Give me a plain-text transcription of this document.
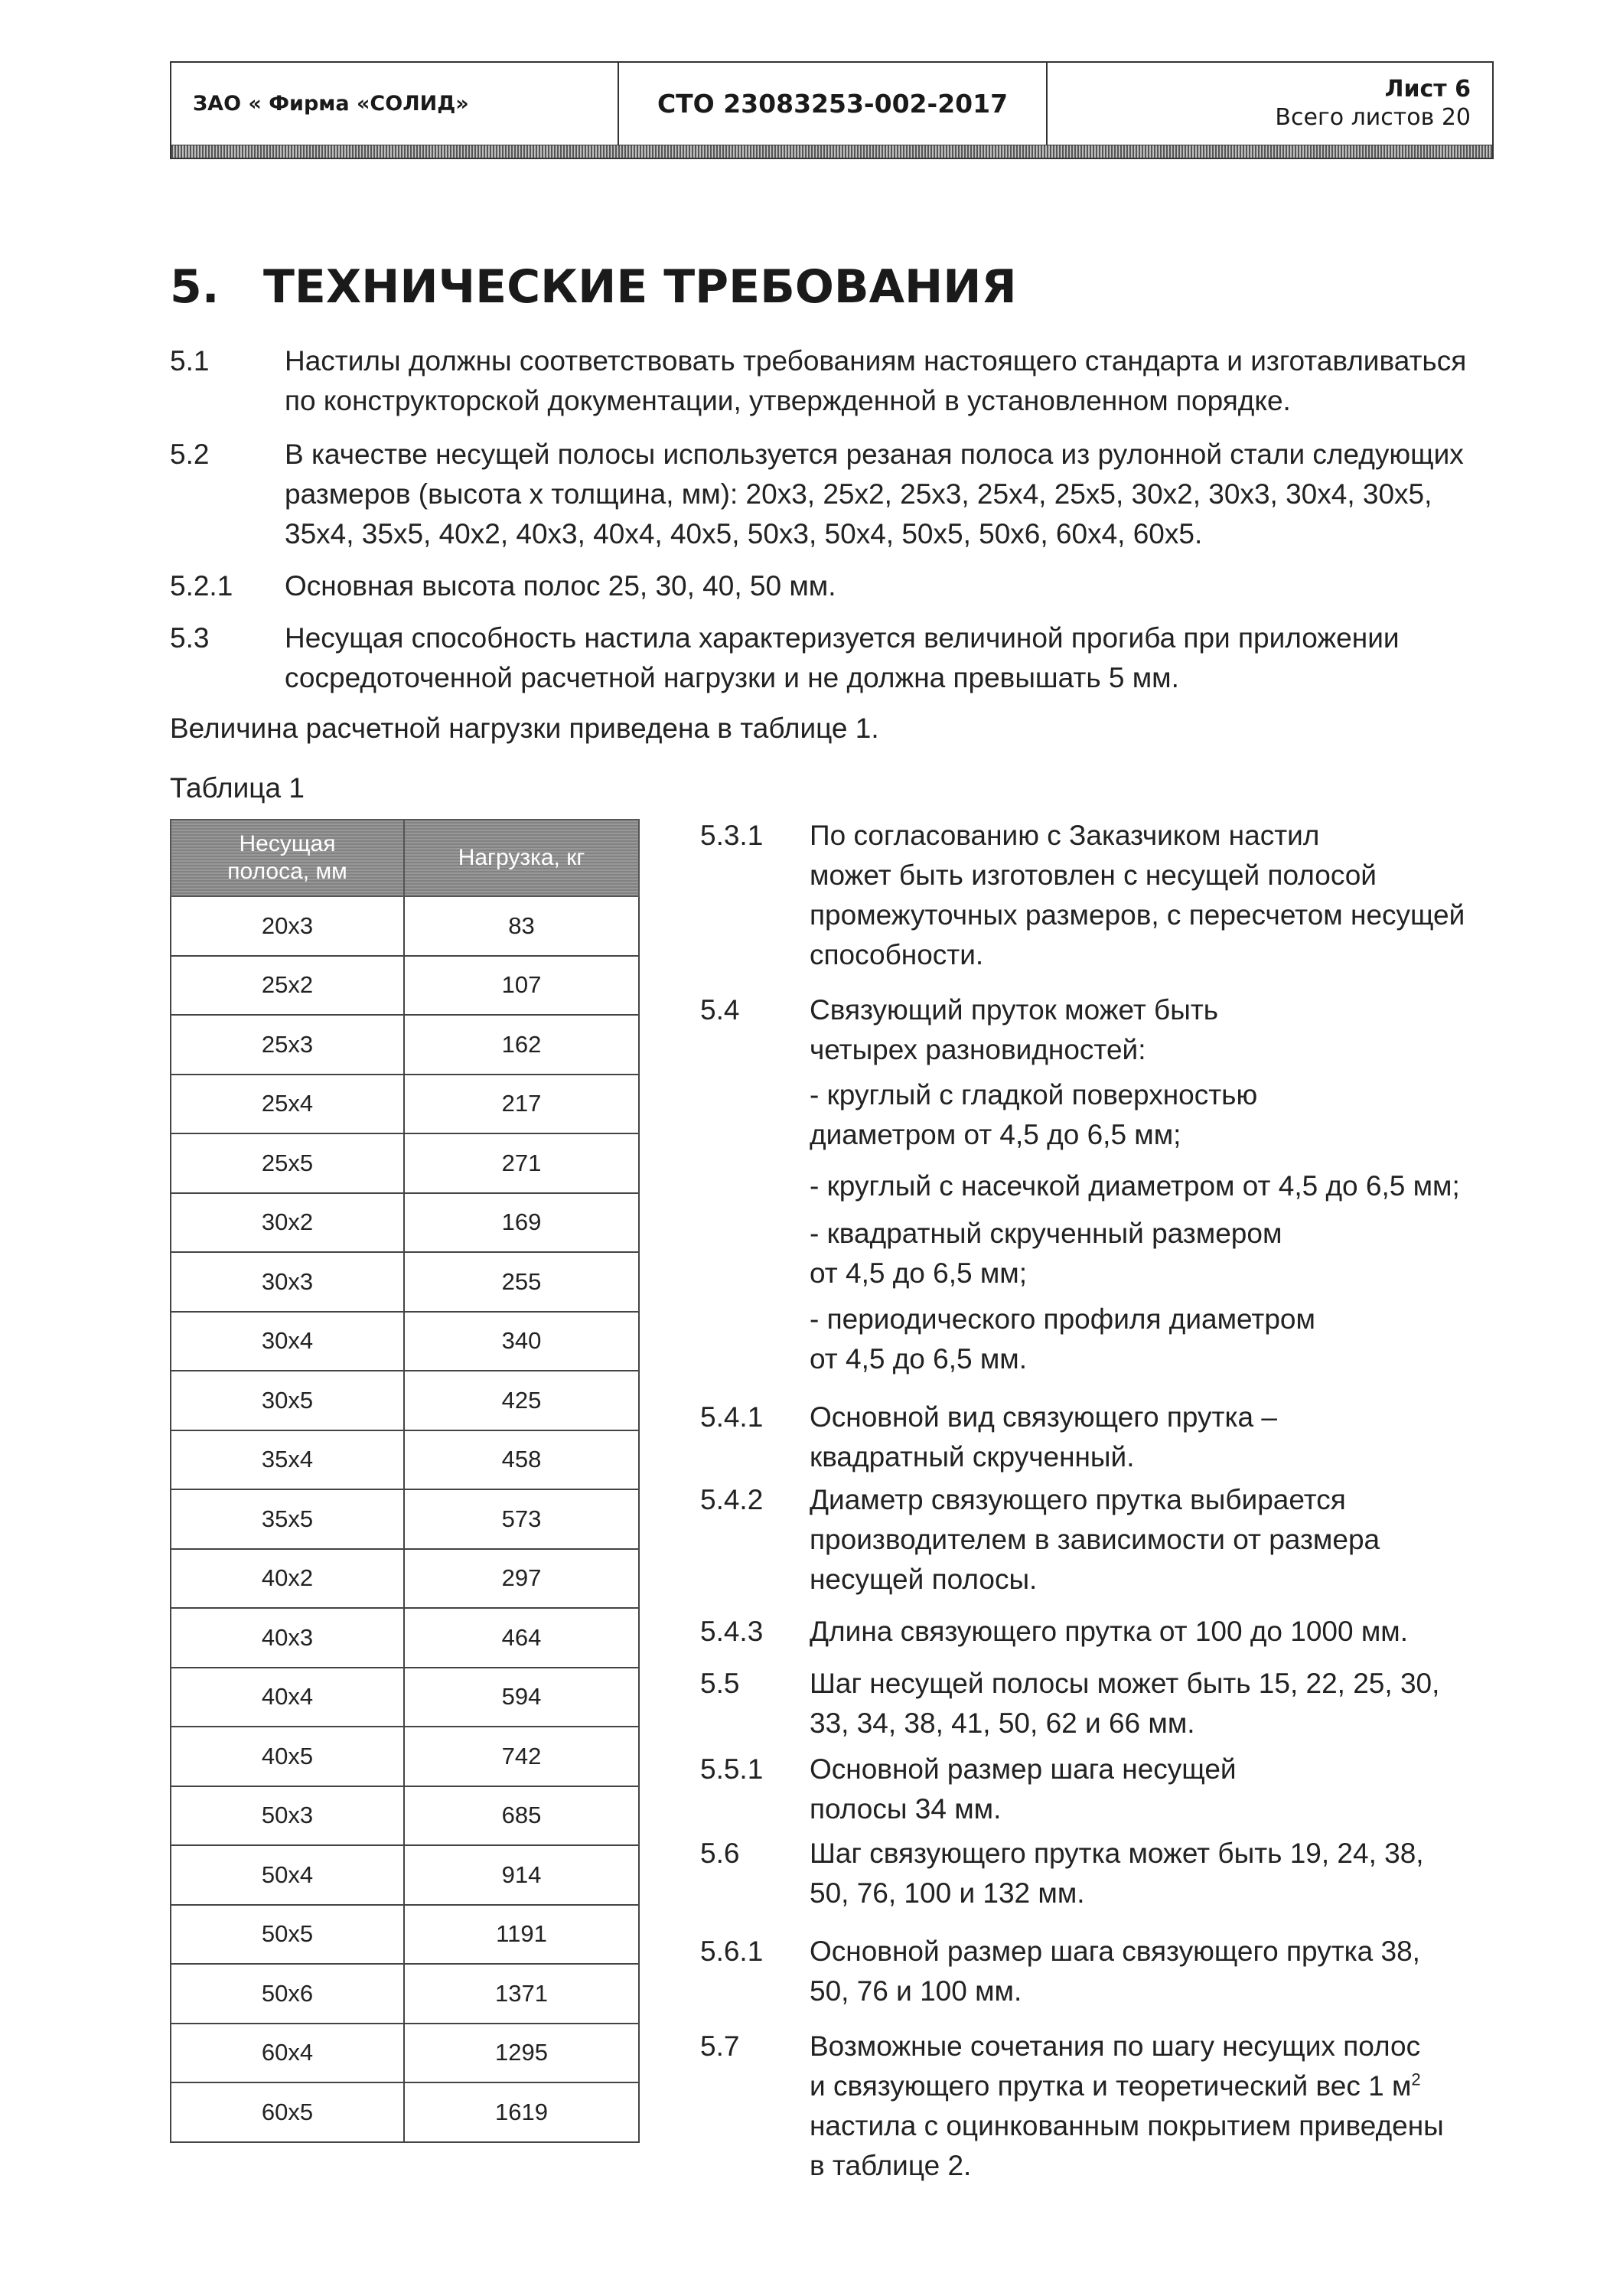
ЗАО « Фирма «СОЛИД»	СТО 23083253-002-2017	Лист 6
Всего листов 20
5. ТЕХНИЧЕСКИЕ ТРЕБОВАНИЯ
5.1	Настилы должны соответствовать требованиям настоящего стандарта и изготавливаться
по конструкторской документации, утвержденной в установленном порядке.
5.2	В качестве несущей полосы используется резаная полоса из рулонной стали следующих
размеров (высота х толщина, мм): 20х3, 25х2, 25х3, 25х4, 25х5, 30х2, 30х3, 30х4, 30х5,
35х4, 35х5, 40х2, 40х3, 40х4, 40х5, 50х3, 50х4, 50х5, 50х6, 60х4, 60х5.
5.2.1 Основная высота полос 25, 30, 40, 50 мм.
5.3	Несущая способность настила характеризуется величиной прогиба при приложении
сосредоточенной расчетной нагрузки и не должна превышать 5 мм.
Величина расчетной нагрузки приведена в таблице 1.
Таблица 1
Несущая
полоса, мм	Нагрузка, кг
20х3	83
25х2	107
25х3	162
25х4	217
25х5	271
30х2	169
30х3	255
30х4	340
30х5	425
35х4	458
35х5	573
40х2	297
40х3	464
40х4	594
40х5	742
50х3	685
50х4	914
50х5	1191
50х6	1371
60х4	1295
60х5	1619
5.3.1 По согласованию с Заказчиком настил
может быть изготовлен с несущей полосой
промежуточных размеров, с пересчетом несущей
способности.
5.4 Связующий пруток может быть
четырех разновидностей:
- круглый с гладкой поверхностью
диаметром от 4,5 до 6,5 мм;
- круглый с насечкой диаметром от 4,5 до 6,5 мм;
- квадратный скрученный размером
от 4,5 до 6,5 мм;
- периодического профиля диаметром
от 4,5 до 6,5 мм.
5.4.1 Основной вид связующего прутка –
квадратный скрученный.
5.4.2 Диаметр связующего прутка выбирается
производителем в зависимости от размера
несущей полосы.
5.4.3 Длина связующего прутка от 100 до 1000 мм.
5.5 Шаг несущей полосы может быть 15, 22, 25, 30,
33, 34, 38, 41, 50, 62 и 66 мм.
5.5.1 Основной размер шага несущей
полосы 34 мм.
5.6 Шаг связующего прутка может быть 19, 24, 38,
50, 76, 100 и 132 мм.
5.6.1 Основной размер шага связующего прутка 38,
50, 76 и 100 мм.
5.7 Возможные сочетания по шагу несущих полос
и связующего прутка и теоретический вес 1 $м^2$
настила с оцинкованным покрытием приведены
в таблице 2.
